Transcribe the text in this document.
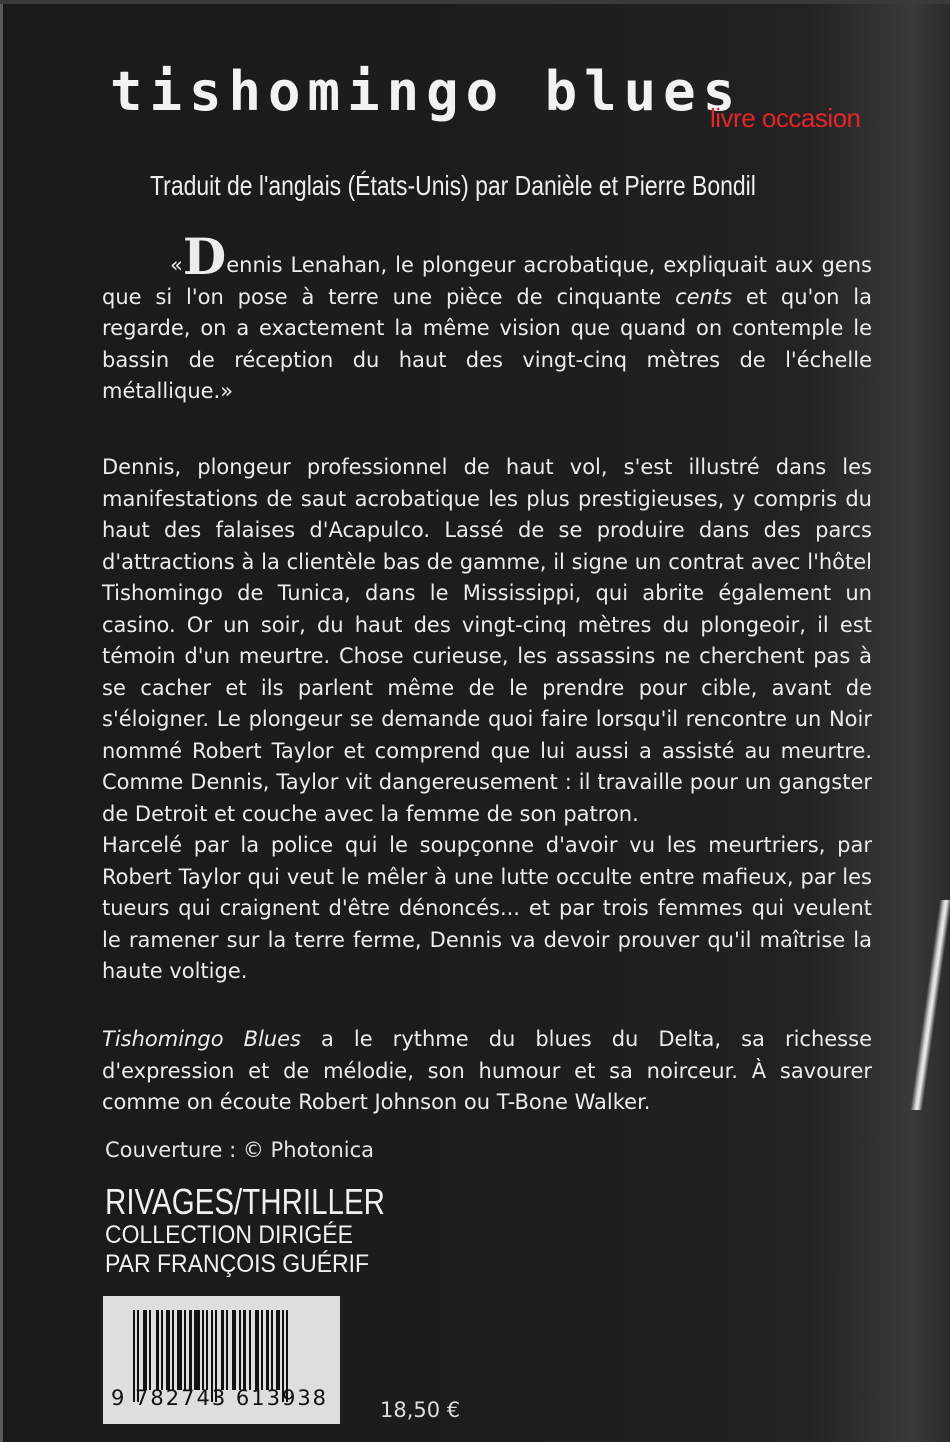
tishomingo blues
livre occasion
Traduit de l'anglais (États-Unis) par Danièle et Pierre Bondil
«Dennis Lenahan, le plongeur acrobatique, expliquait aux gens que si l'on pose à terre une pièce de cinquante cents et qu'on la regarde, on a exactement la même vision que quand on contemple le bassin de réception du haut des vingt-cinq mètres de l'échelle métallique.»
Dennis, plongeur professionnel de haut vol, s'est illustré dans les manifestations de saut acrobatique les plus prestigieuses, y compris du haut des falaises d'Acapulco. Lassé de se produire dans des parcs d'attractions à la clientèle bas de gamme, il signe un contrat avec l'hôtel Tishomingo de Tunica, dans le Mississippi, qui abrite également un casino. Or un soir, du haut des vingt-cinq mètres du plongeoir, il est témoin d'un meurtre. Chose curieuse, les assassins ne cherchent pas à se cacher et ils parlent même de le prendre pour cible, avant de s'éloigner. Le plongeur se demande quoi faire lorsqu'il rencontre un Noir nommé Robert Taylor et comprend que lui aussi a assisté au meurtre. Comme Dennis, Taylor vit dangereusement : il travaille pour un gangster de Detroit et couche avec la femme de son patron.
Harcelé par la police qui le soupçonne d'avoir vu les meurtriers, par Robert Taylor qui veut le mêler à une lutte occulte entre mafieux, par les tueurs qui craignent d'être dénoncés... et par trois femmes qui veulent le ramener sur la terre ferme, Dennis va devoir prouver qu'il maîtrise la haute voltige.
Tishomingo Blues a le rythme du blues du Delta, sa richesse d'expression et de mélodie, son humour et sa noirceur. À savourer comme on écoute Robert Johnson ou T-Bone Walker.
Couverture : © Photonica
RIVAGES/THRILLER
COLLECTION DIRIGÉE
PAR FRANÇOIS GUÉRIF
9 782743 613938 18,50 €
